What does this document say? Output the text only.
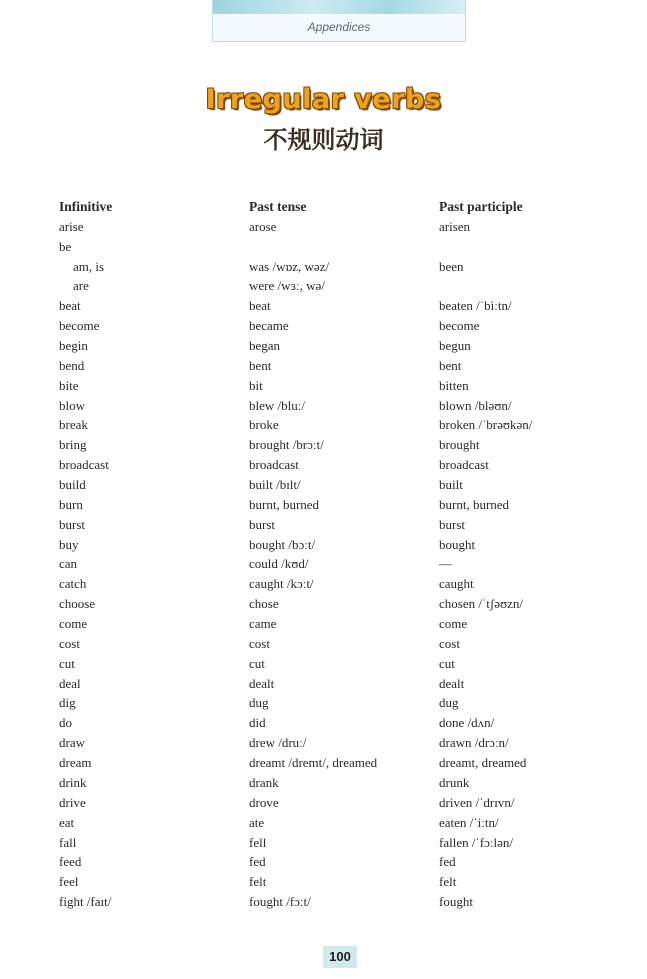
Appendices
Irregular verbs
不规则动词
Infinitive	Past tense	Past participle
arise	arose	arisen
be
am, is	was /wɒz, wəz/	been
are	were /wɜː, wə/
beat	beat	beaten /ˈbiːtn/
become	became	become
begin	began	begun
bend	bent	bent
bite	bit	bitten
blow	blew /bluː/	blown /bləʊn/
break	broke	broken /ˈbrəʊkən/
bring	brought /brɔːt/	brought
broadcast	broadcast	broadcast
build	built /bɪlt/	built
burn	burnt, burned	burnt, burned
burst	burst	burst
buy	bought /bɔːt/	bought
can	could /kʊd/	—
catch	caught /kɔːt/	caught
choose	chose	chosen /ˈtʃəʊzn/
come	came	come
cost	cost	cost
cut	cut	cut
deal	dealt	dealt
dig	dug	dug
do	did	done /dʌn/
draw	drew /druː/	drawn /drɔːn/
dream	dreamt /dremt/, dreamed	dreamt, dreamed
drink	drank	drunk
drive	drove	driven /ˈdrɪvn/
eat	ate	eaten /ˈiːtn/
fall	fell	fallen /ˈfɔːlən/
feed	fed	fed
feel	felt	felt
fight /faɪt/	fought /fɔːt/	fought
100
